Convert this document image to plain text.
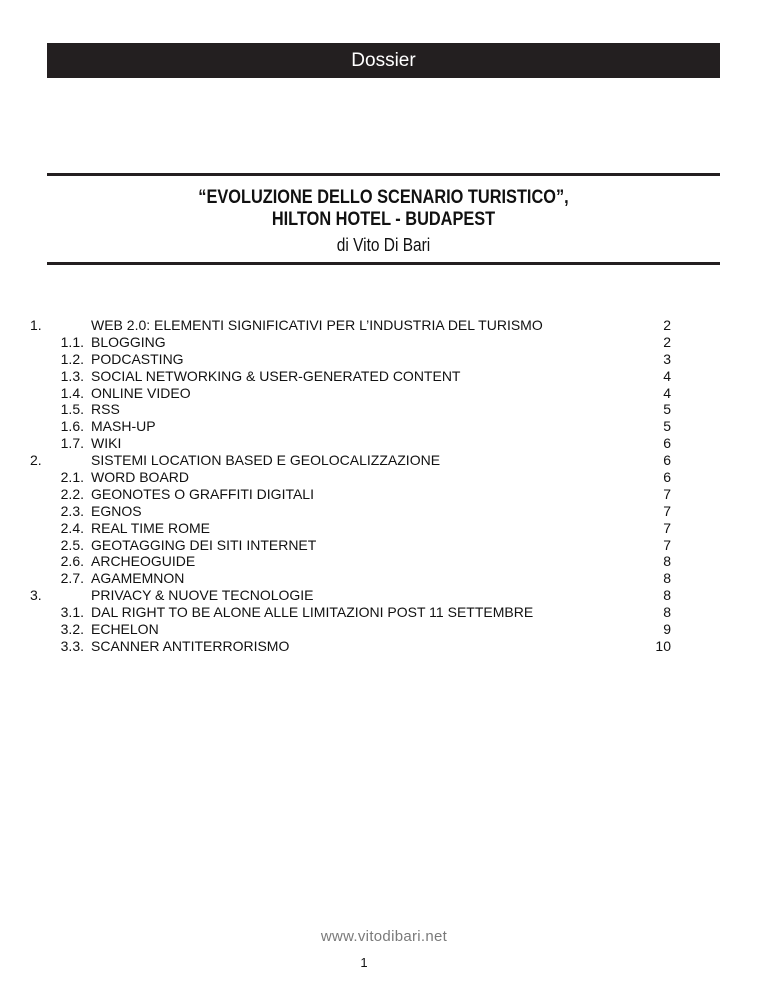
Dossier
“EVOLUZIONE DELLO SCENARIO TURISTICO”,
HILTON HOTEL - BUDAPEST
di Vito Di Bari
1.	WEB 2.0: ELEMENTI SIGNIFICATIVI PER L’INDUSTRIA DEL TURISMO	2
1.1. BLOGGING	2
1.2. PODCASTING	3
1.3. SOCIAL NETWORKING & USER-GENERATED CONTENT	4
1.4. ONLINE VIDEO	4
1.5. RSS	5
1.6. MASH-UP	5
1.7. WIKI	6
2.	SISTEMI LOCATION BASED E GEOLOCALIZZAZIONE	6
2.1. WORD BOARD	6
2.2. GEONOTES O GRAFFITI DIGITALI	7
2.3. EGNOS	7
2.4. REAL TIME ROME	7
2.5. GEOTAGGING DEI SITI INTERNET	7
2.6. ARCHEOGUIDE	8
2.7. AGAMEMNON	8
3.	PRIVACY & NUOVE TECNOLOGIE	8
3.1. DAL RIGHT TO BE ALONE ALLE LIMITAZIONI POST 11 SETTEMBRE	8
3.2. ECHELON	9
3.3. SCANNER ANTITERRORISMO	10
www.vitodibari.net
1
